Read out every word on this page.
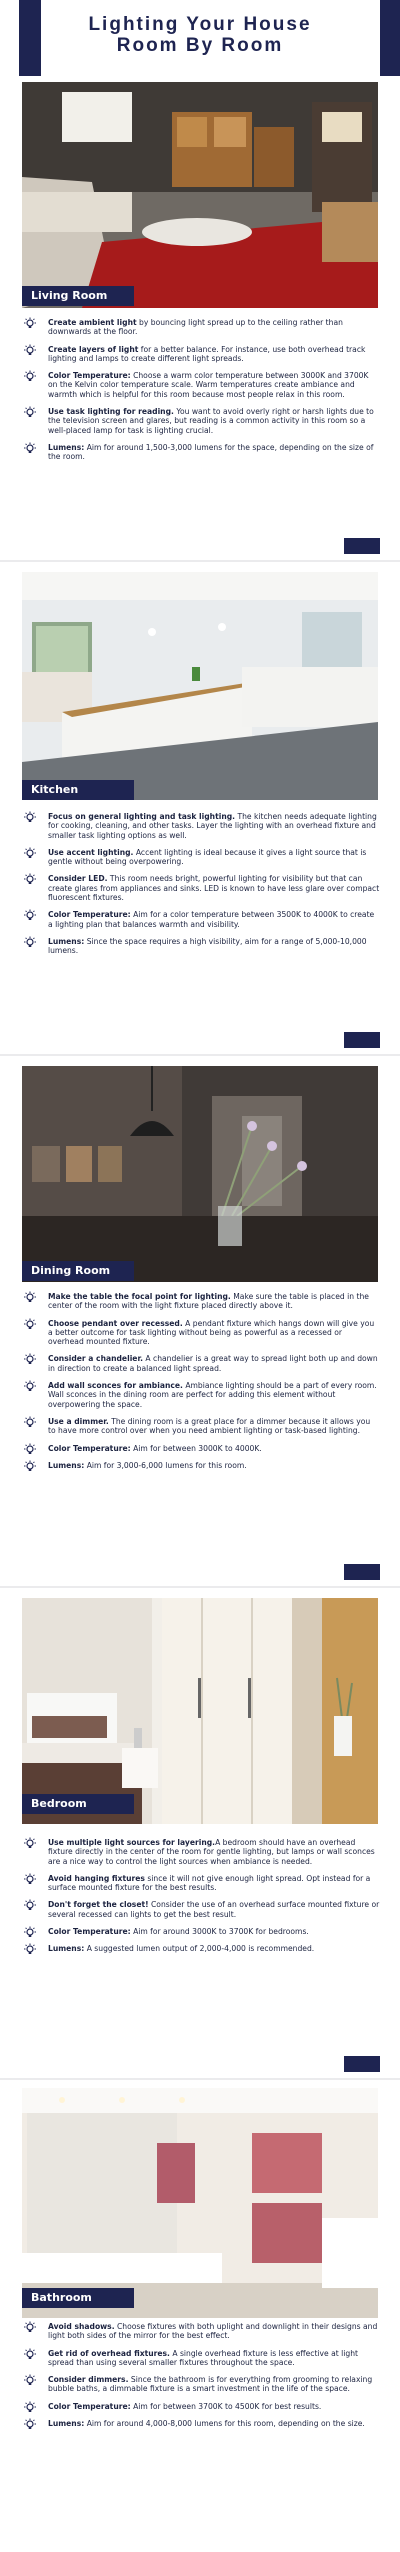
Lighting Your House
Room By Room
Living Room
Create ambient light by bouncing light spread up to the ceiling rather than downwards at the floor.
Create layers of light for a better balance. For instance, use both overhead track lighting and lamps to create different light spreads.
Color Temperature: Choose a warm color temperature between 3000K and 3700K on the Kelvin color temperature scale. Warm temperatures create ambiance and warmth which is helpful for this room because most people relax in this room.
Use task lighting for reading. You want to avoid overly right or harsh lights due to the television screen and glares, but reading is a common activity in this room so a well-placed lamp for task is lighting crucial.
Lumens: Aim for around 1,500-3,000 lumens for the space, depending on the size of the room.
Kitchen
Focus on general lighting and task lighting. The kitchen needs adequate lighting for cooking, cleaning, and other tasks. Layer the lighting with an overhead fixture and smaller task lighting options as well.
Use accent lighting. Accent lighting is ideal because it gives a light source that is gentle without being overpowering.
Consider LED. This room needs bright, powerful lighting for visibility but that can create glares from appliances and sinks. LED is known to have less glare over compact fluorescent fixtures.
Color Temperature: Aim for a color temperature between 3500K to 4000K to create a lighting plan that balances warmth and visibility.
Lumens: Since the space requires a high visibility, aim for a range of 5,000-10,000 lumens.
Dining Room
Make the table the focal point for lighting. Make sure the table is placed in the center of the room with the light fixture placed directly above it.
Choose pendant over recessed. A pendant fixture which hangs down will give you a better outcome for task lighting without being as powerful as a recessed or overhead mounted fixture.
Consider a chandelier. A chandelier is a great way to spread light both up and down in direction to create a balanced light spread.
Add wall sconces for ambiance. Ambiance lighting should be a part of every room. Wall sconces in the dining room are perfect for adding this element without overpowering the space.
Use a dimmer. The dining room is a great place for a dimmer because it allows you to have more control over when you need ambient lighting or task-based lighting.
Color Temperature: Aim for between 3000K to 4000K.
Lumens: Aim for 3,000-6,000 lumens for this room.
Bedroom
Use multiple light sources for layering.A bedroom should have an overhead fixture directly in the center of the room for gentle lighting, but lamps or wall sconces are a nice way to control the light sources when ambiance is needed.
Avoid hanging fixtures since it will not give enough light spread. Opt instead for a surface mounted fixture for the best results.
Don't forget the closet! Consider the use of an overhead surface mounted fixture or several recessed can lights to get the best result.
Color Temperature: Aim for around 3000K to 3700K for bedrooms.
Lumens: A suggested lumen output of 2,000-4,000 is recommended.
Bathroom
Avoid shadows. Choose fixtures with both uplight and downlight in their designs and light both sides of the mirror for the best effect.
Get rid of overhead fixtures. A single overhead fixture is less effective at light spread than using several smaller fixtures throughout the space.
Consider dimmers. Since the bathroom is for everything from grooming to relaxing bubble baths, a dimmable fixture is a smart investment in the life of the space.
Color Temperature: Aim for between 3700K to 4500K for best results.
Lumens: Aim for around 4,000-8,000 lumens for this room, depending on the size.
